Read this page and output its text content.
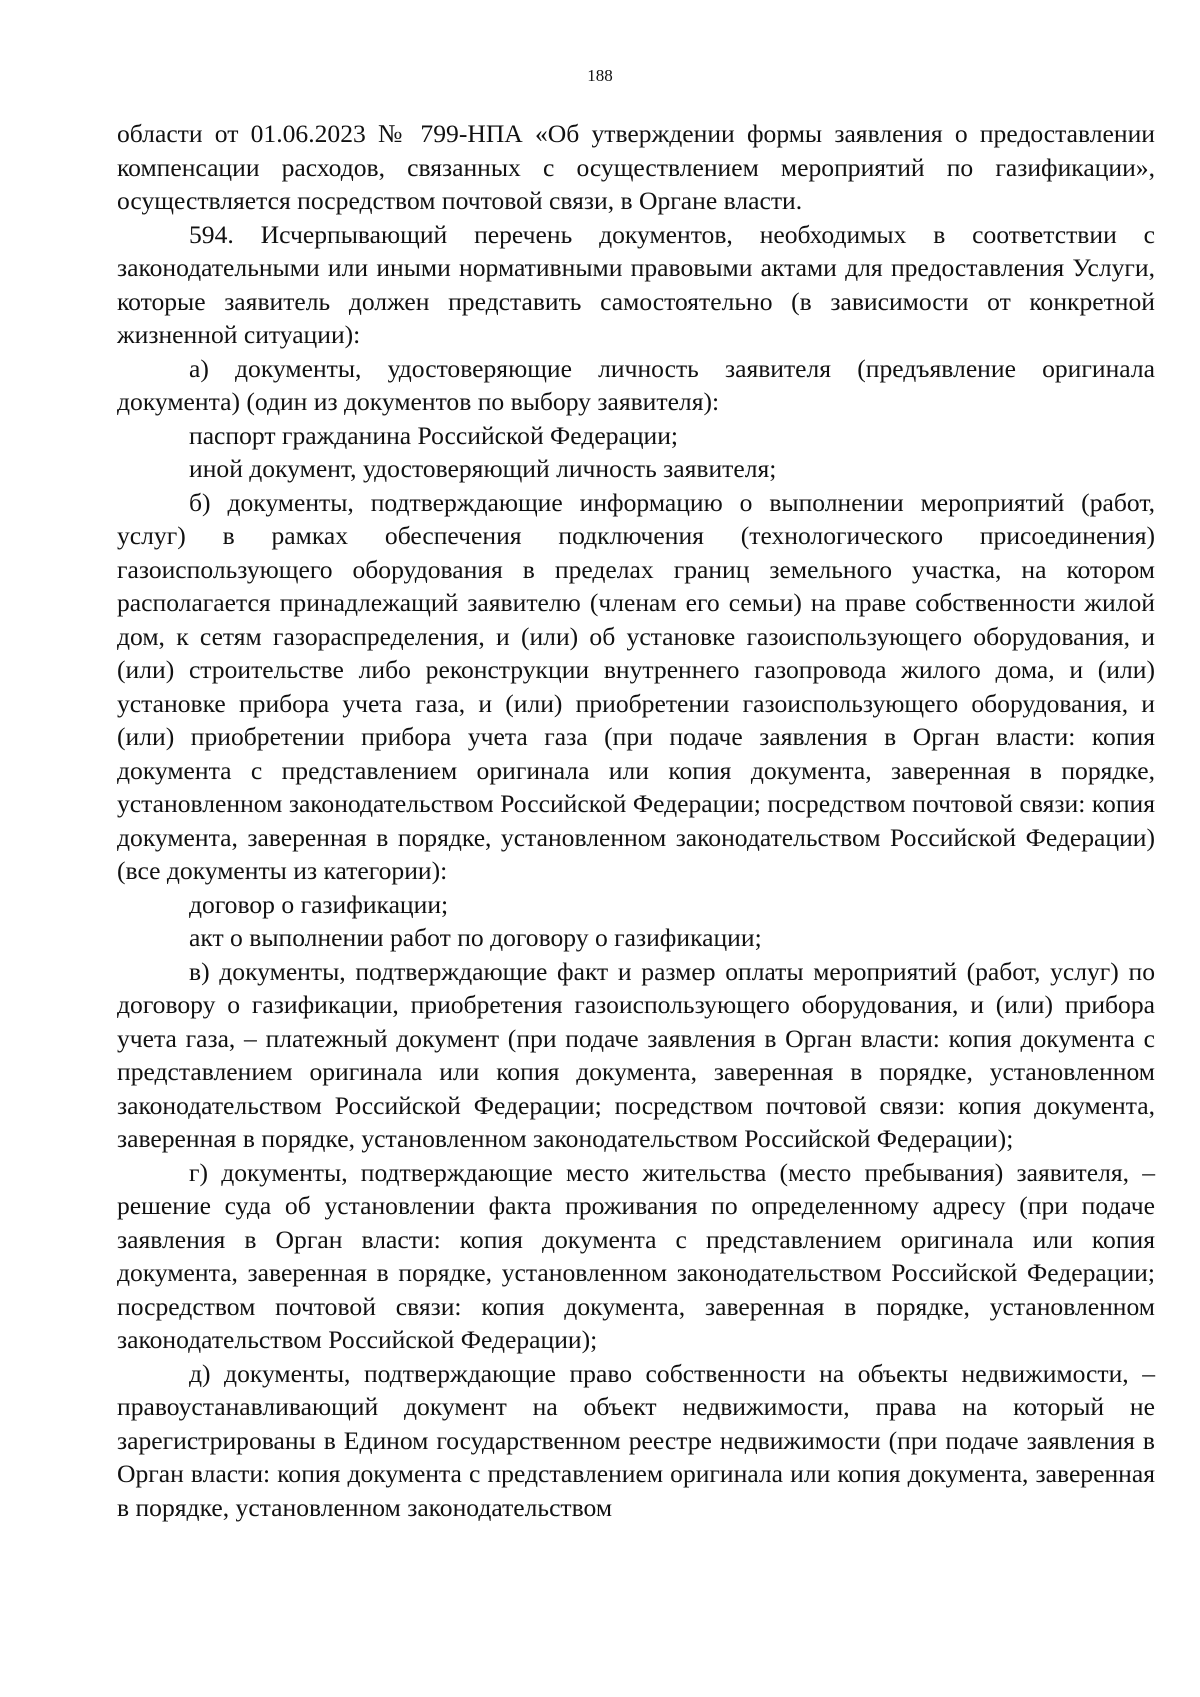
188

области от 01.06.2023 № 799-НПА «Об утверждении формы заявления о предоставлении компенсации расходов, связанных с осуществлением мероприятий по газификации», осуществляется посредством почтовой связи, в Органе власти.

594. Исчерпывающий перечень документов, необходимых в соответствии с законодательными или иными нормативными правовыми актами для предоставления Услуги, которые заявитель должен представить самостоятельно (в зависимости от конкретной жизненной ситуации):

а) документы, удостоверяющие личность заявителя (предъявление оригинала документа) (один из документов по выбору заявителя):

паспорт гражданина Российской Федерации;

иной документ, удостоверяющий личность заявителя;

б) документы, подтверждающие информацию о выполнении мероприятий (работ, услуг) в рамках обеспечения подключения (технологического присоединения) газоиспользующего оборудования в пределах границ земельного участка, на котором располагается принадлежащий заявителю (членам его семьи) на праве собственности жилой дом, к сетям газораспределения, и (или) об установке газоиспользующего оборудования, и (или) строительстве либо реконструкции внутреннего газопровода жилого дома, и (или) установке прибора учета газа, и (или) приобретении газоиспользующего оборудования, и (или) приобретении прибора учета газа (при подаче заявления в Орган власти: копия документа с представлением оригинала или копия документа, заверенная в порядке, установленном законодательством Российской Федерации; посредством почтовой связи: копия документа, заверенная в порядке, установленном законодательством Российской Федерации) (все документы из категории):

договор о газификации;

акт о выполнении работ по договору о газификации;

в) документы, подтверждающие факт и размер оплаты мероприятий (работ, услуг) по договору о газификации, приобретения газоиспользующего оборудования, и (или) прибора учета газа, – платежный документ (при подаче заявления в Орган власти: копия документа с представлением оригинала или копия документа, заверенная в порядке, установленном законодательством Российской Федерации; посредством почтовой связи: копия документа, заверенная в порядке, установленном законодательством Российской Федерации);

г) документы, подтверждающие место жительства (место пребывания) заявителя, – решение суда об установлении факта проживания по определенному адресу (при подаче заявления в Орган власти: копия документа с представлением оригинала или копия документа, заверенная в порядке, установленном законодательством Российской Федерации; посредством почтовой связи: копия документа, заверенная в порядке, установленном законодательством Российской Федерации);

д) документы, подтверждающие право собственности на объекты недвижимости, – правоустанавливающий документ на объект недвижимости, права на который не зарегистрированы в Едином государственном реестре недвижимости (при подаче заявления в Орган власти: копия документа с представлением оригинала или копия документа, заверенная в порядке, установленном законодательством
